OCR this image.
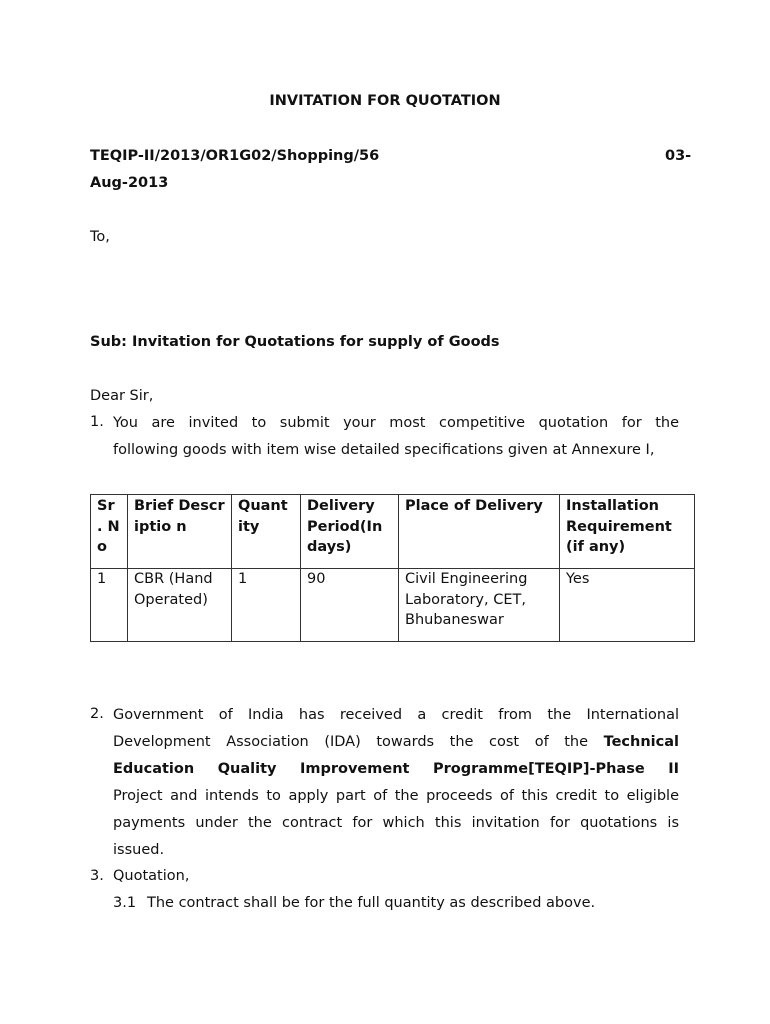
INVITATION FOR QUOTATION
TEQIP-II/2013/OR1G02/Shopping/56	03-
Aug-2013
To,
Sub: Invitation for Quotations for supply of Goods
Dear Sir,
1. You are invited to submit your most competitive quotation for the
following goods with item wise detailed specifications given at Annexure I,
Sr . No	Brief Descriptio n	Quant ity	Delivery Period(In days)	Place of Delivery	Installation Requirement (if any)
1	CBR (Hand Operated)	1	90	Civil Engineering Laboratory, CET, Bhubaneswar	Yes
2. Government of India has received a credit from the International
Development Association (IDA) towards the cost of the Technical
Education Quality Improvement Programme[TEQIP]-Phase II
Project and intends to apply part of the proceeds of this credit to eligible
payments under the contract for which this invitation for quotations is
issued.
3. Quotation,
3.1 The contract shall be for the full quantity as described above.
